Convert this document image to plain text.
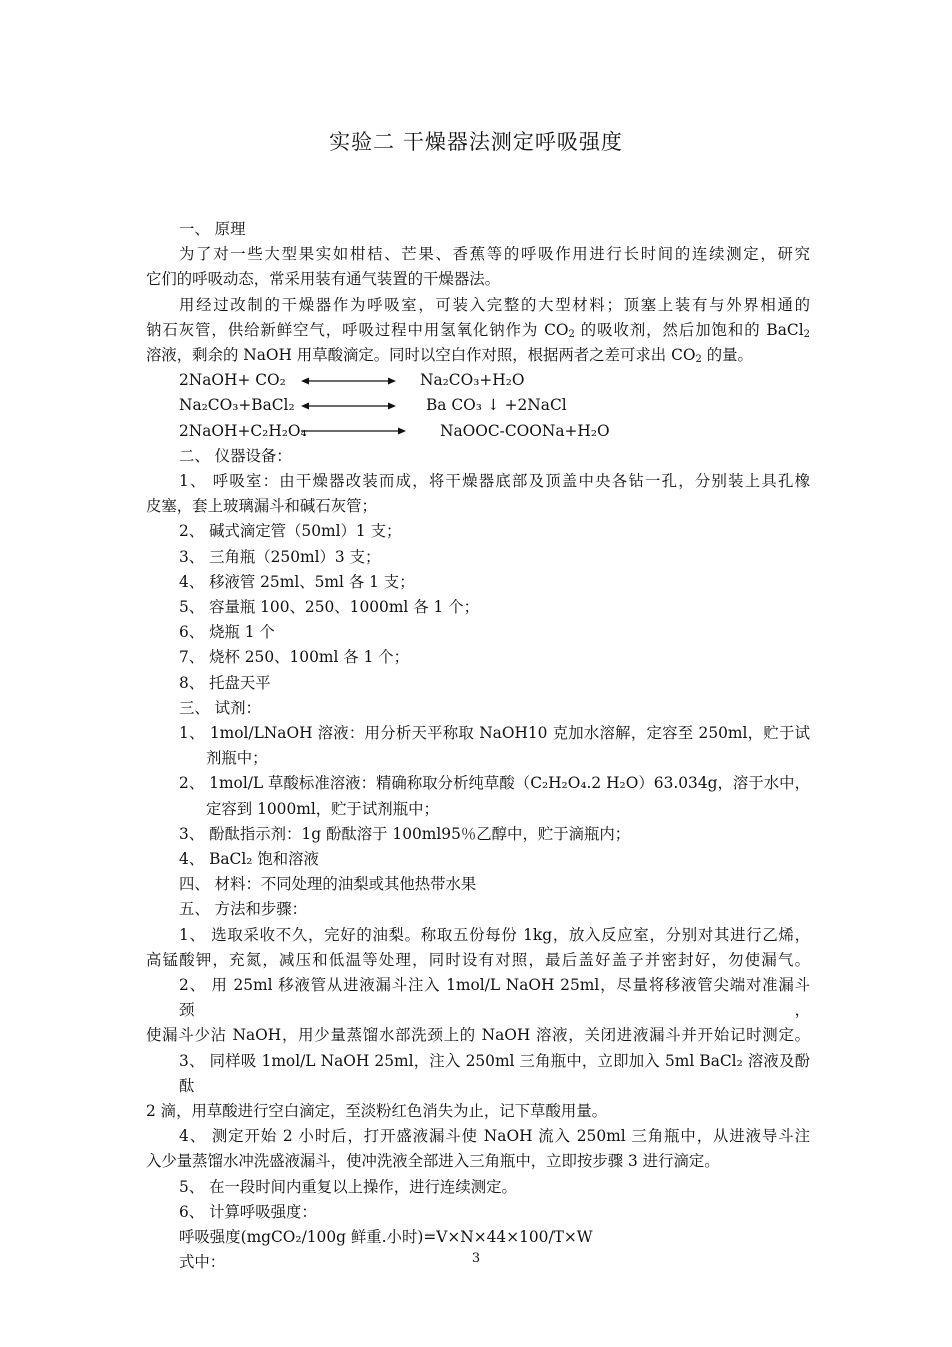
实验二 干燥器法测定呼吸强度
一、 原理
为了对一些大型果实如柑桔、芒果、香蕉等的呼吸作用进行长时间的连续测定，研究
它们的呼吸动态，常采用装有通气装置的干燥器法。
用经过改制的干燥器作为呼吸室，可装入完整的大型材料；顶塞上装有与外界相通的
钠石灰管，供给新鲜空气，呼吸过程中用氢氧化钠作为 $CO_2$ 的吸收剂，然后加饱和的 BaCl$_2$
溶液，剩余的 NaOH 用草酸滴定。同时以空白作对照，根据两者之差可求出 $CO_2$ 的量。
2NaOH+ CO₂	Na₂CO₃+H₂O
Na₂CO₃+BaCl₂	Ba CO₃ ↓ +2NaCl
2NaOH+C₂H₂O₄	NaOOC-COONa+H₂O
二、 仪器设备：
1、 呼吸室：由干燥器改装而成，将干燥器底部及顶盖中央各钻一孔，分别装上具孔橡
皮塞，套上玻璃漏斗和碱石灰管；
2、 碱式滴定管（50ml）1 支；
3、 三角瓶（250ml）3 支；
4、 移液管 25ml、5ml 各 1 支；
5、 容量瓶 100、250、1000ml 各 1 个；
6、 烧瓶 1 个
7、 烧杯 250、100ml 各 1 个；
8、 托盘天平
三、 试剂：
1、 1mol/LNaOH 溶液：用分析天平称取 NaOH10 克加水溶解，定容至 250ml，贮于试
剂瓶中；
2、 1mol/L 草酸标准溶液：精确称取分析纯草酸（C₂H₂O₄.2 H₂O）63.034g，溶于水中，
定容到 1000ml，贮于试剂瓶中；
3、 酚酞指示剂：1g 酚酞溶于 100ml95％乙醇中，贮于滴瓶内；
4、 BaCl₂ 饱和溶液
四、 材料：不同处理的油梨或其他热带水果
五、 方法和步骤：
1、 选取采收不久，完好的油梨。称取五份每份 1kg，放入反应室，分别对其进行乙烯，
高锰酸钾，充氮，减压和低温等处理，同时设有对照，最后盖好盖子并密封好，勿使漏气。
2、 用 25ml 移液管从进液漏斗注入 1mol/L NaOH 25ml，尽量将移液管尖端对准漏斗颈，
使漏斗少沾 NaOH，用少量蒸馏水部洗颈上的 NaOH 溶液，关闭进液漏斗并开始记时测定。
3、 同样吸 1mol/L NaOH 25ml，注入 250ml 三角瓶中，立即加入 5ml BaCl₂ 溶液及酚酞
2 滴，用草酸进行空白滴定，至淡粉红色消失为止，记下草酸用量。
4、 测定开始 2 小时后，打开盛液漏斗使 NaOH 流入 250ml 三角瓶中，从进液导斗注
入少量蒸馏水冲洗盛液漏斗，使冲洗液全部进入三角瓶中，立即按步骤 3 进行滴定。
5、 在一段时间内重复以上操作，进行连续测定。
6、 计算呼吸强度：
呼吸强度(mgCO₂/100g 鲜重.小时)=V×N×44×100/T×W
式中：	3
